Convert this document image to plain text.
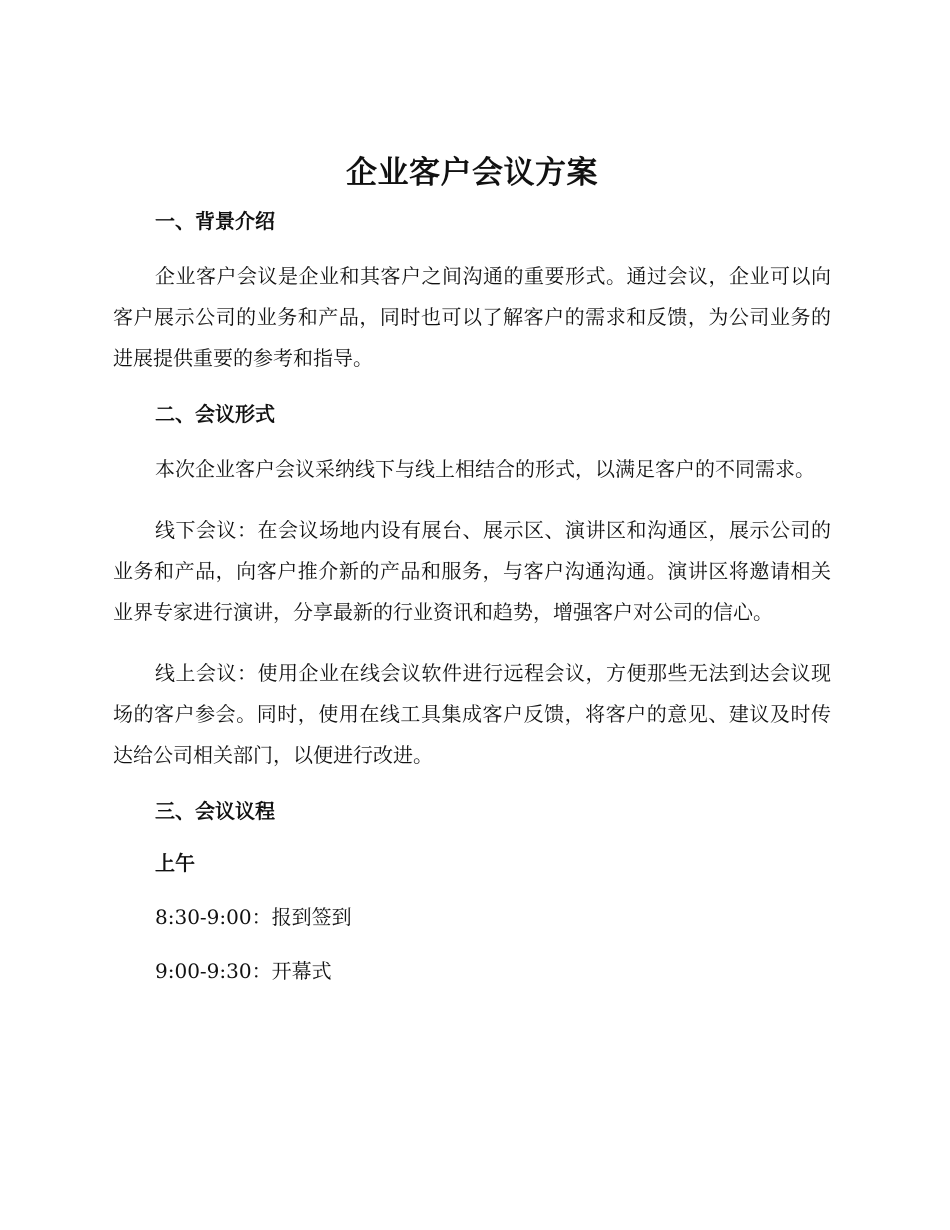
企业客户会议方案
一、背景介绍

企业客户会议是企业和其客户之间沟通的重要形式。通过会议，企业可以向客户展示公司的业务和产品，同时也可以了解客户的需求和反馈，为公司业务的进展提供重要的参考和指导。

二、会议形式

本次企业客户会议采纳线下与线上相结合的形式，以满足客户的不同需求。

线下会议：在会议场地内设有展台、展示区、演讲区和沟通区，展示公司的业务和产品，向客户推介新的产品和服务，与客户沟通沟通。演讲区将邀请相关业界专家进行演讲，分享最新的行业资讯和趋势，增强客户对公司的信心。

线上会议：使用企业在线会议软件进行远程会议，方便那些无法到达会议现场的客户参会。同时，使用在线工具集成客户反馈，将客户的意见、建议及时传达给公司相关部门，以便进行改进。

三、会议议程
上午
8:30-9:00：报到签到
9:00-9:30：开幕式
